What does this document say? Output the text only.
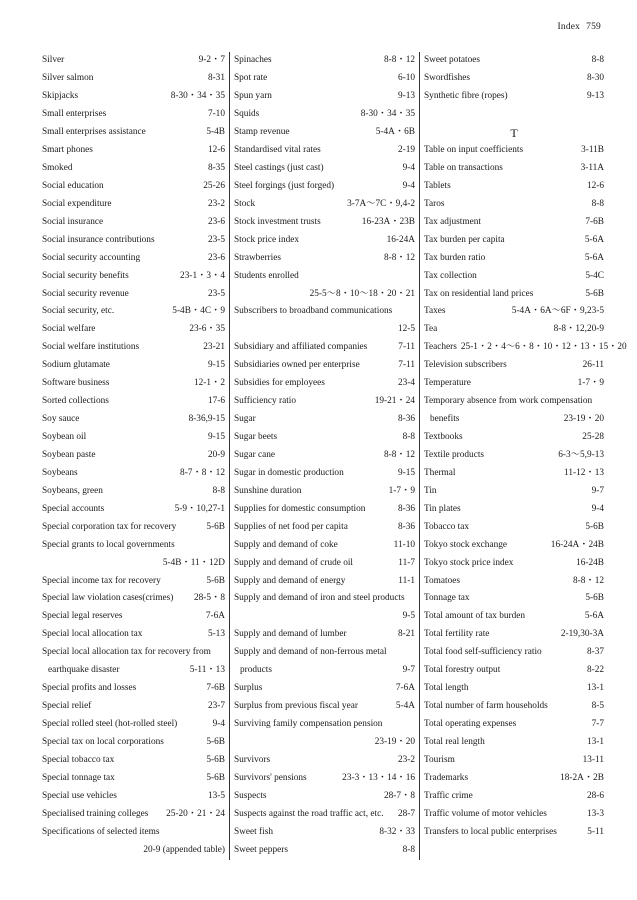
Index 759
Silver	9-2・7
Silver salmon	8-31
Skipjacks	8-30・34・35
Small enterprises	7-10
Small enterprises assistance	5-4B
Smart phones	12-6
Smoked	8-35
Social education	25-26
Social expenditure	23-2
Social insurance	23-6
Social insurance contributions	23-5
Social security accounting	23-6
Social security benefits	23-1・3・4
Social security revenue	23-5
Social security, etc.	5-4B・4C・9
Social welfare	23-6・35
Social welfare institutions	23-21
Sodium glutamate	9-15
Software business	12-1・2
Sorted collections	17-6
Soy sauce	8-36,9-15
Soybean oil	9-15
Soybean paste	20-9
Soybeans	8-7・8・12
Soybeans, green	8-8
Special accounts	5-9・10,27-1
Special corporation tax for recovery	5-6B
Special grants to local governments
5-4B・11・12D
Special income tax for recovery	5-6B
Special law violation cases(crimes)	28-5・8
Special legal reserves	7-6A
Special local allocation tax	5-13
Special local allocation tax for recovery from
earthquake disaster	5-11・13
Special profits and losses	7-6B
Special relief	23-7
Special rolled steel (hot-rolled steel)	9-4
Special tax on local corporations	5-6B
Special tobacco tax	5-6B
Special tonnage tax	5-6B
Special use vehicles	13-5
Specialised training colleges	25-20・21・24
Specifications of selected items
20-9 (appended table)
Spinaches	8-8・12
Spot rate	6-10
Spun yarn	9-13
Squids	8-30・34・35
Stamp revenue	5-4A・6B
Standardised vital rates	2-19
Steel castings (just cast)	9-4
Steel forgings (just forged)	9-4
Stock	3-7A〜7C・9,4-2
Stock investment trusts	16-23A・23B
Stock price index	16-24A
Strawberries	8-8・12
Students enrolled
25-5〜8・10〜18・20・21
Subscribers to broadband communications
12-5
Subsidiary and affiliated companies	7-11
Subsidiaries owned per enterprise	7-11
Subsidies for employees	23-4
Sufficiency ratio	19-21・24
Sugar	8-36
Sugar beets	8-8
Sugar cane	8-8・12
Sugar in domestic production	9-15
Sunshine duration	1-7・9
Supplies for domestic consumption	8-36
Supplies of net food per capita	8-36
Supply and demand of coke	11-10
Supply and demand of crude oil	11-7
Supply and demand of energy	11-1
Supply and demand of iron and steel products
9-5
Supply and demand of lumber	8-21
Supply and demand of non-ferrous metal
products	9-7
Surplus	7-6A
Surplus from previous fiscal year	5-4A
Surviving family compensation pension
23-19・20
Survivors	23-2
Survivors' pensions	23-3・13・14・16
Suspects	28-7・8
Suspects against the road traffic act, etc.	28-7
Sweet fish	8-32・33
Sweet peppers	8-8
Sweet potatoes	8-8
Swordfishes	8-30
Synthetic fibre (ropes)	9-13
T
Table on input coefficients	3-11B
Table on transactions	3-11A
Tablets	12-6
Taros	8-8
Tax adjustment	7-6B
Tax burden per capita	5-6A
Tax burden ratio	5-6A
Tax collection	5-4C
Tax on residential land prices	5-6B
Taxes	5-4A・6A〜6F・9,23-5
Tea	8-8・12,20-9
Teachers 25-1・2・4〜6・8・10・12・13・15・20
Television subscribers	26-11
Temperature	1-7・9
Temporary absence from work compensation
benefits	23-19・20
Textbooks	25-28
Textile products	6-3〜5,9-13
Thermal	11-12・13
Tin	9-7
Tin plates	9-4
Tobacco tax	5-6B
Tokyo stock exchange	16-24A・24B
Tokyo stock price index	16-24B
Tomatoes	8-8・12
Tonnage tax	5-6B
Total amount of tax burden	5-6A
Total fertility rate	2-19,30-3A
Total food self-sufficiency ratio	8-37
Total forestry output	8-22
Total length	13-1
Total number of farm households	8-5
Total operating expenses	7-7
Total real length	13-1
Tourism	13-11
Trademarks	18-2A・2B
Traffic crime	28-6
Traffic volume of motor vehicles	13-3
Transfers to local public enterprises	5-11
